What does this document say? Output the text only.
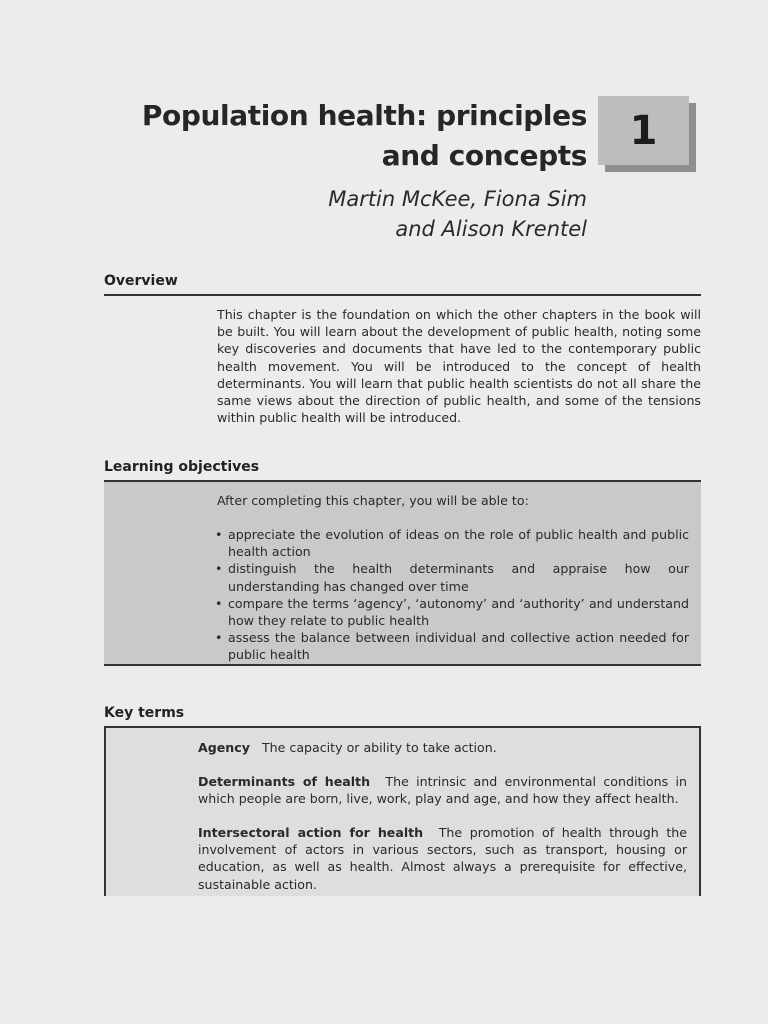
Population health: principles
and concepts

Martin McKee, Fiona Sim
and Alison Krentel

1
Overview

This chapter is the foundation on which the other chapters in the book will be built. You will learn about the development of public health, noting some key discoveries and documents that have led to the contemporary public health movement. You will be introduced to the concept of health determinants. You will learn that public health scientists do not all share the same views about the direction of public health, and some of the tensions within public health will be introduced.

Learning objectives

After completing this chapter, you will be able to:

• appreciate the evolution of ideas on the role of public health and public health action
• distinguish the health determinants and appraise how our understanding has changed over time
• compare the terms ‘agency’, ‘autonomy’ and ‘authority’ and understand how they relate to public health
• assess the balance between individual and collective action needed for public health
Key terms

Agency The capacity or ability to take action.

Determinants of health The intrinsic and environmental conditions in which people are born, live, work, play and age, and how they affect health.

Intersectoral action for health The promotion of health through the involvement of actors in various sectors, such as transport, housing or education, as well as health. Almost always a prerequisite for effective, sustainable action.
